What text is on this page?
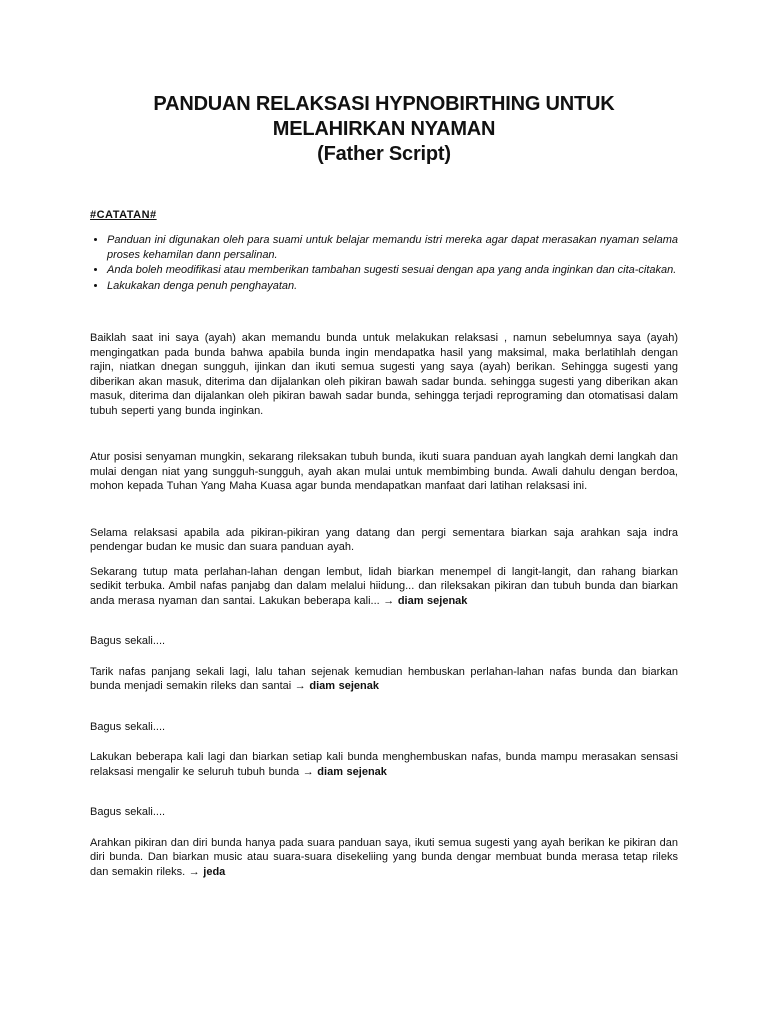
PANDUAN RELAKSASI HYPNOBIRTHING UNTUK
MELAHIRKAN NYAMAN
(Father Script)
#CATATAN#
• Panduan ini digunakan oleh para suami untuk belajar memandu istri mereka agar dapat merasakan nyaman selama proses kehamilan dann persalinan.
• Anda boleh meodifikasi atau memberikan tambahan sugesti sesuai dengan apa yang anda inginkan dan cita-citakan.
• Lakukakan denga penuh penghayatan.

Baiklah saat ini saya (ayah) akan memandu bunda untuk melakukan relaksasi , namun sebelumnya saya (ayah) mengingatkan pada bunda bahwa apabila bunda ingin mendapatka hasil yang maksimal, maka berlatihlah dengan rajin, niatkan dnegan sungguh, ijinkan dan ikuti semua sugesti yang saya (ayah) berikan. Sehingga sugesti yang diberikan akan masuk, diterima dan dijalankan oleh pikiran bawah sadar bunda. sehingga sugesti yang diberikan akan masuk, diterima dan dijalankan oleh pikiran bawah sadar bunda, sehingga terjadi reprograming dan otomatisasi dalam tubuh seperti yang bunda inginkan.

Atur posisi senyaman mungkin, sekarang rileksakan tubuh bunda, ikuti suara panduan ayah langkah demi langkah dan mulai dengan niat yang sungguh-sungguh, ayah akan mulai untuk membimbing bunda. Awali dahulu dengan berdoa, mohon kepada Tuhan Yang Maha Kuasa agar bunda mendapatkan manfaat dari latihan relaksasi ini.

Selama relaksasi apabila ada pikiran-pikiran yang datang dan pergi sementara biarkan saja arahkan saja indra pendengar budan ke music dan suara panduan ayah.

Sekarang tutup mata perlahan-lahan dengan lembut, lidah biarkan menempel di langit-langit, dan rahang biarkan sedikit terbuka. Ambil nafas panjabg dan dalam melalui hiidung... dan rileksakan pikiran dan tubuh bunda dan biarkan anda merasa nyaman dan santai. Lakukan beberapa kali... → diam sejenak

Bagus sekali....

Tarik nafas panjang sekali lagi, lalu tahan sejenak kemudian hembuskan perlahan-lahan nafas bunda dan biarkan bunda menjadi semakin rileks dan santai → diam sejenak

Bagus sekali....

Lakukan beberapa kali lagi dan biarkan setiap kali bunda menghembuskan nafas, bunda mampu merasakan sensasi relaksasi mengalir ke seluruh tubuh bunda → diam sejenak

Bagus sekali....

Arahkan pikiran dan diri bunda hanya pada suara panduan saya, ikuti semua sugesti yang ayah berikan ke pikiran dan diri bunda. Dan biarkan music atau suara-suara disekeliing yang bunda dengar membuat bunda merasa tetap rileks dan semakin rileks. → jeda
